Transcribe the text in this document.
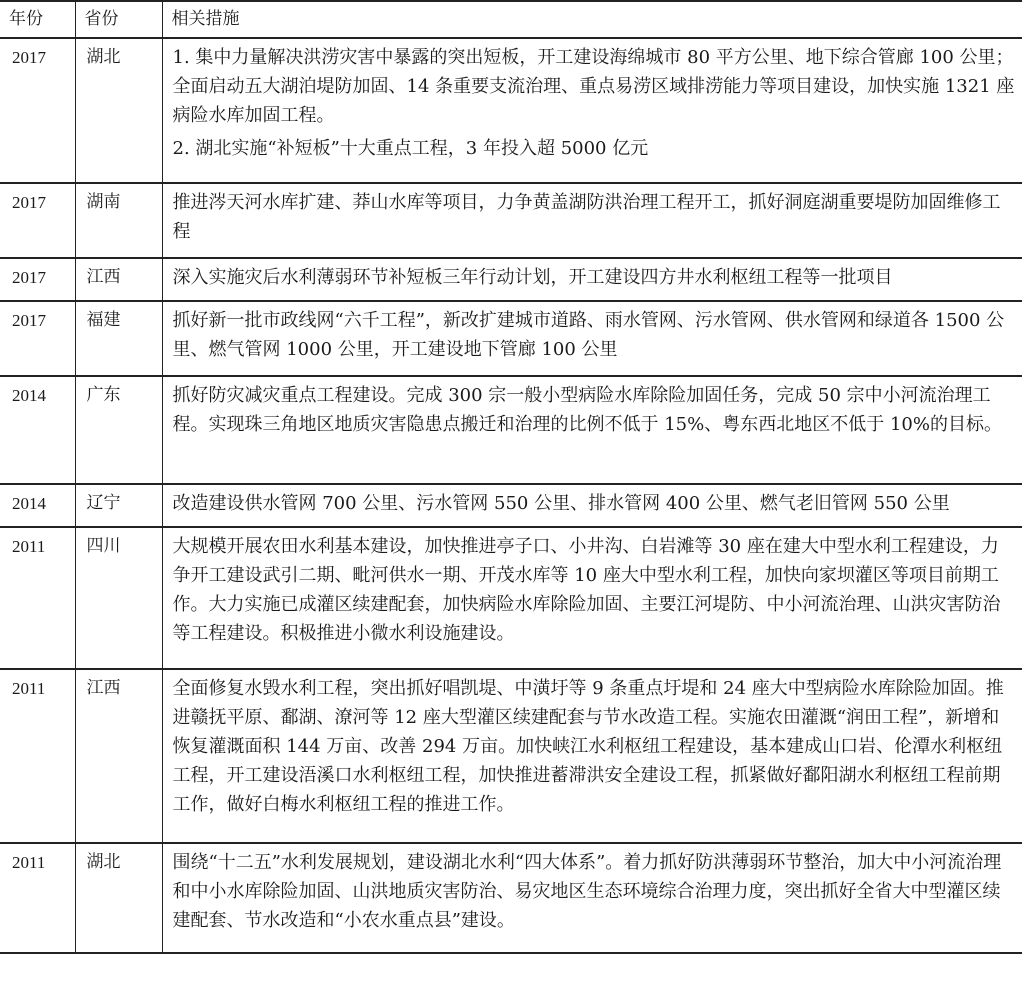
年份	省份	相关措施
2017	湖北	1. 集中力量解决洪涝灾害中暴露的突出短板，开工建设海绵城市 80 平方公里、地下综合管廊 100 公里；全面启动五大湖泊堤防加固、14 条重要支流治理、重点易涝区域排涝能力等项目建设，加快实施 1321 座病险水库加固工程。

2. 湖北实施“补短板”十大重点工程，3 年投入超 5000 亿元

2017	湖南	推进涔天河水库扩建、莽山水库等项目，力争黄盖湖防洪治理工程开工，抓好洞庭湖重要堤防加固维修工程

2017	江西	深入实施灾后水利薄弱环节补短板三年行动计划，开工建设四方井水利枢纽工程等一批项目

2017	福建	抓好新一批市政线网“六千工程”，新改扩建城市道路、雨水管网、污水管网、供水管网和绿道各 1500 公里、燃气管网 1000 公里，开工建设地下管廊 100 公里

2014	广东	抓好防灾减灾重点工程建设。完成 300 宗一般小型病险水库除险加固任务，完成 50 宗中小河流治理工程。实现珠三角地区地质灾害隐患点搬迁和治理的比例不低于 15%、粤东西北地区不低于 10%的目标。

2014	辽宁	改造建设供水管网 700 公里、污水管网 550 公里、排水管网 400 公里、燃气老旧管网 550 公里

2011	四川	大规模开展农田水利基本建设，加快推进亭子口、小井沟、白岩滩等 30 座在建大中型水利工程建设，力争开工建设武引二期、毗河供水一期、开茂水库等 10 座大中型水利工程，加快向家坝灌区等项目前期工作。大力实施已成灌区续建配套，加快病险水库除险加固、主要江河堤防、中小河流治理、山洪灾害防治等工程建设。积极推进小微水利设施建设。

2011	江西	全面修复水毁水利工程，突出抓好唱凯堤、中潢圩等 9 条重点圩堤和 24 座大中型病险水库除险加固。推进赣抚平原、鄱湖、潦河等 12 座大型灌区续建配套与节水改造工程。实施农田灌溉“润田工程”，新增和恢复灌溉面积 144 万亩、改善 294 万亩。加快峡江水利枢纽工程建设，基本建成山口岩、伦潭水利枢纽工程，开工建设浯溪口水利枢纽工程，加快推进蓄滞洪安全建设工程，抓紧做好鄱阳湖水利枢纽工程前期工作，做好白梅水利枢纽工程的推进工作。

2011	湖北	围绕“十二五”水利发展规划，建设湖北水利“四大体系”。着力抓好防洪薄弱环节整治，加大中小河流治理和中小水库除险加固、山洪地质灾害防治、易灾地区生态环境综合治理力度，突出抓好全省大中型灌区续建配套、节水改造和“小农水重点县”建设。
